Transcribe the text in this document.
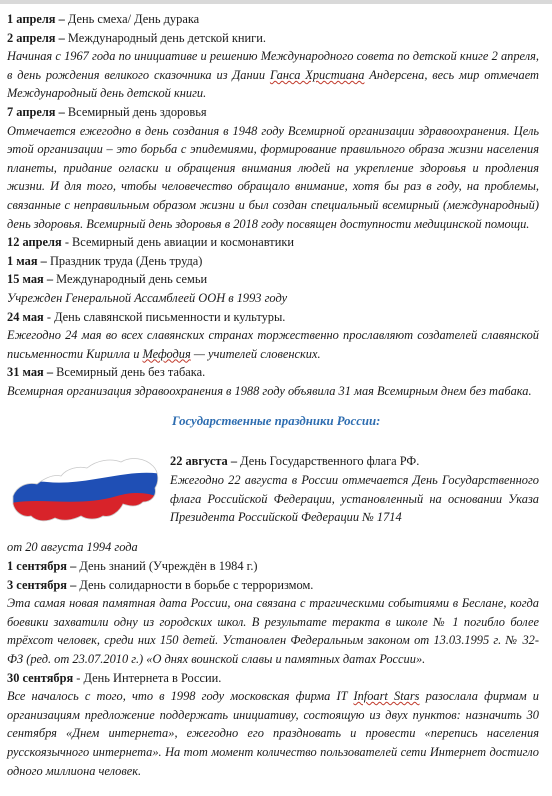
1 апреля – День смеха/ День дурака

2 апреля – Международный день детской книги.

Начиная с 1967 года по инициативе и решению Международного совета по детской книге 2 апреля, в день рождения великого сказочника из Дании Ганса Христиана Андерсена, весь мир отмечает Международный день детской книги.

7 апреля – Всемирный день здоровья

Отмечается ежегодно в день создания в 1948 году Всемирной организации здравоохранения. Цель этой организации – это борьба с эпидемиями, формирование правильного образа жизни населения планеты, придание огласки и обращения внимания людей на укрепление здоровья и продления жизни. И для того, чтобы человечество обращало внимание, хотя бы раз в году, на проблемы, связанные с неправильным образом жизни и был создан специальный всемирный (международный) день здоровья. Всемирный день здоровья в 2018 году посвящен доступности медицинской помощи.

12 апреля - Всемирный день авиации и космонавтики

1 мая – Праздник труда (День труда)

15 мая – Международный день семьи

Учрежден Генеральной Ассамблеей ООН в 1993 году

24 мая - День славянской письменности и культуры.

Ежегодно 24 мая во всех славянских странах торжественно прославляют создателей славянской письменности Кирилла и Мефодия — учителей словенских.

31 мая – Всемирный день без табака.

Всемирная организация здравоохранения в 1988 году объявила 31 мая Всемирным днем без табака.

Государственные праздники России:

22 августа – День Государственного флага РФ.

Ежегодно 22 августа в России отмечается День Государственного флага Российской Федерации, установленный на основании Указа Президента Российской Федерации № 1714

от 20 августа 1994 года

1 сентября – День знаний (Учреждён в 1984 г.)

3 сентября – День солидарности в борьбе с терроризмом.

Эта самая новая памятная дата России, она связана с трагическими событиями в Беслане, когда боевики захватили одну из городских школ. В результате теракта в школе № 1 погибло более трёхсот человек, среди них 150 детей. Установлен Федеральным законом от 13.03.1995 г. № 32-ФЗ (ред. от 23.07.2010 г.) «О днях воинской славы и памятных датах России».

30 сентября - День Интернета в России.

Все началось с того, что в 1998 году московская фирма IT Infoart Stars разослала фирмам и организациям предложение поддержать инициативу, состоящую из двух пунктов: назначить 30 сентября «Днем интернета», ежегодно его праздновать и провести «перепись населения русскоязычного интернета». На тот момент количество пользователей сети Интернет достигло одного миллиона человек.
